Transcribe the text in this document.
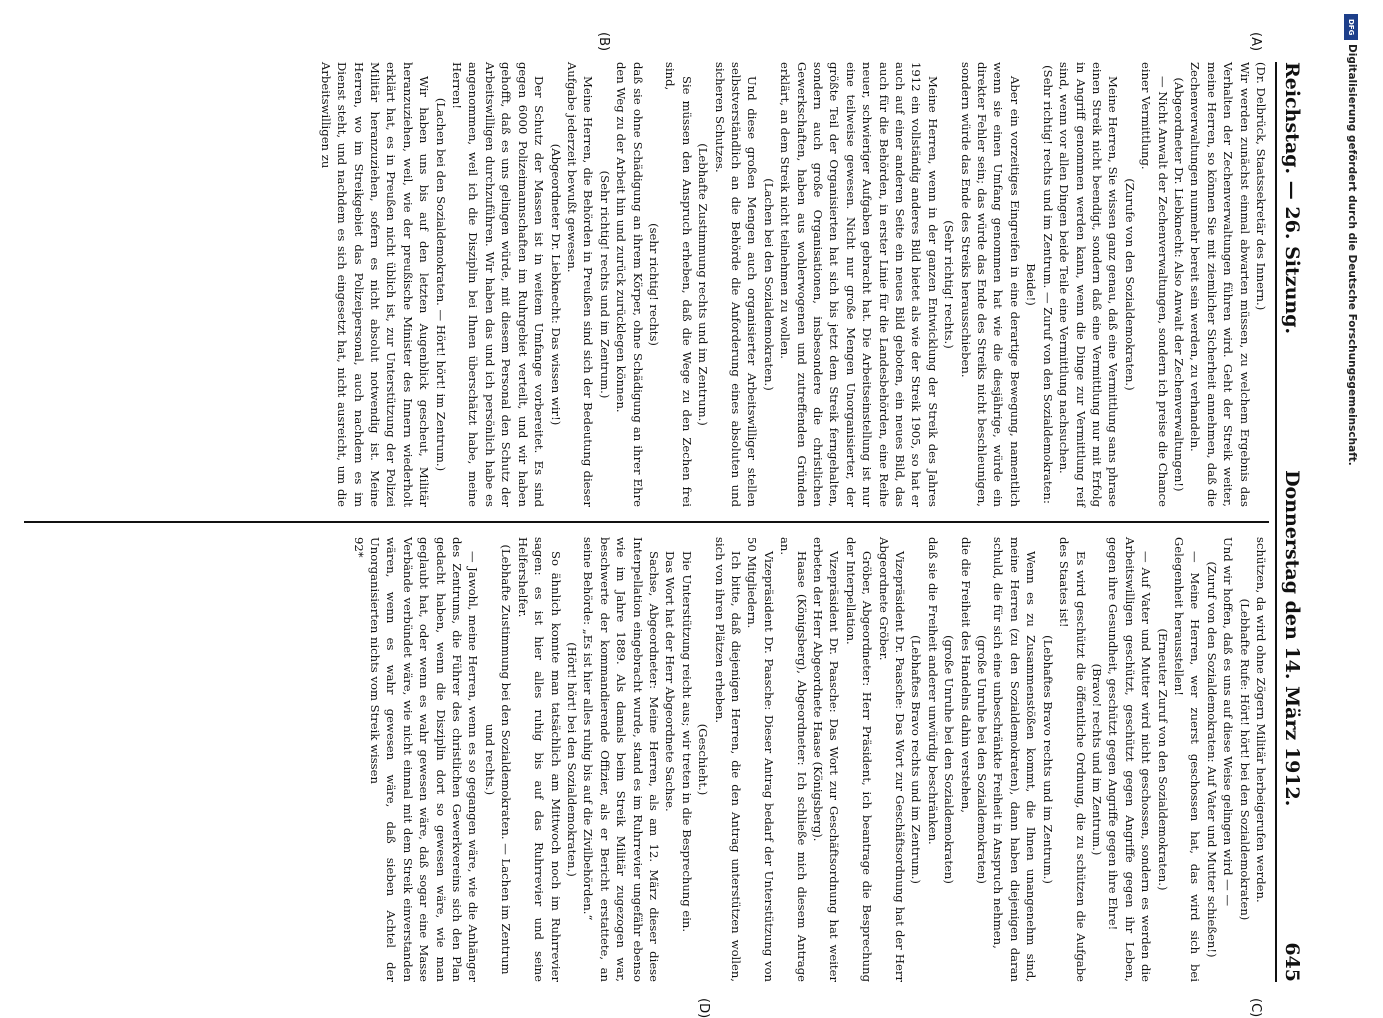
Reichstag. — 26. Sitzung.
Donnerstag den 14. März 1912.
645
(A)
(B)
(C)
(D)

(Dr. Delbrück, Staatssekretär des Innern.)

Wir werden zunächst einmal abwarten müssen, zu welchem Ergebnis das Verhalten der Zechenverwaltungen führen wird. Geht der Streik weiter, meine Herren, so können Sie mit ziemlicher Sicherheit annehmen, daß die Zechenverwaltungen nunmehr bereit sein werden, zu verhandeln.

(Abgeordneter Dr. Liebknecht: Also Anwalt der Zechenverwaltungen!)

— Nicht Anwalt der Zechenverwaltungen, sondern ich preise die Chance einer Vermittlung.

(Zurufe von den Sozialdemokraten.)

Meine Herren, Sie wissen ganz genau, daß eine Vermittlung sans phrase einen Streik nicht beendigt, sondern daß eine Vermittlung nur mit Erfolg in Angriff genommen werden kann, wenn die Dinge zur Vermittlung reif sind, wenn vor allen Dingen beide Teile eine Vermittlung nachsuchen.

(Sehr richtig! rechts und im Zentrum. — Zuruf von den Sozialdemokraten: Beide!)

Aber ein vorzeitiges Eingreifen in eine derartige Bewegung, namentlich wenn sie einen Umfang genommen hat wie die diesjährige, würde ein direkter Fehler sein; das würde das Ende des Streiks nicht beschleunigen, sondern würde das Ende des Streiks herausschieben.

(Sehr richtig! rechts.)

Meine Herren, wenn in der ganzen Entwicklung der Streik des Jahres 1912 ein vollständig anderes Bild bietet als wie der Streik 1905, so hat er auch auf einer anderen Seite ein neues Bild geboten, ein neues Bild, das auch für die Behörden, in erster Linie für die Landesbehörden, eine Reihe neuer, schwieriger Aufgaben gebracht hat. Die Arbeitseinstellung ist nur eine teilweise gewesen. Nicht nur große Mengen Unorganisierter, der größte Teil der Organisierten hat sich bis jetzt dem Streik ferngehalten, sondern auch große Organisationen, insbesondere die christlichen Gewerkschaften, haben aus wohlerwogenen und zutreffenden Gründen erklärt, an dem Streik nicht teilnehmen zu wollen.

(Lachen bei den Sozialdemokraten.)

Und diese großen Mengen auch organisierter Arbeitswilliger stellen selbstverständlich an die Behörde die Anforderung eines absoluten und sicheren Schutzes.

(Lebhafte Zustimmung rechts und im Zentrum.)

Sie müssen den Anspruch erheben, daß die Wege zu den Zechen frei sind,

(sehr richtig! rechts)

daß sie ohne Schädigung an ihrem Körper, ohne Schädigung an ihrer Ehre den Weg zu der Arbeit hin und zurück zurücklegen können.

(Sehr richtig! rechts und im Zentrum.)

Meine Herren, die Behörden in Preußen sind sich der Bedeutung dieser Aufgabe jederzeit bewußt gewesen.

(Abgeordneter Dr. Liebknecht: Das wissen wir!)

Der Schutz der Massen ist in weitem Umfange vorbereitet. Es sind gegen 6000 Polizeimannschaften im Ruhrgebiet verteilt, und wir haben gehofft, daß es uns gelingen würde, mit diesem Personal den Schutz der Arbeitswilligen durchzuführen. Wir haben das und ich persönlich habe es angenommen, weil ich die Disziplin bei Ihnen überschätzt habe, meine Herren!

(Lachen bei den Sozialdemokraten. — Hört! hört! im Zentrum.)

Wir haben uns bis auf den letzten Augenblick gescheut, Militär heranzuziehen, weil, wie der preußische Minister des Innern wiederholt erklärt hat, es in Preußen nicht üblich ist, zur Unterstützung der Polizei Militär heranzuziehen, sofern es nicht absolut notwendig ist. Meine Herren, wo im Streikgebiet das Polizeipersonal, auch nachdem es im Dienst steht, und nachdem es sich eingesetzt hat, nicht ausreicht, um die Arbeitswilligen zu

schützen, da wird ohne Zögern Militär herbeigerufen werden.

(Lebhafte Rufe: Hört! hört! bei den Sozialdemokraten)

Und wir hoffen, daß es uns auf diese Weise gelingen wird — —

(Zuruf von den Sozialdemokraten: Auf Vater und Mutter schießen!)

— Meine Herren, wer zuerst geschossen hat, das wird sich bei Gelegenheit herausstellen!

(Erneuter Zuruf von den Sozialdemokraten.)

— Auf Vater und Mutter wird nicht geschossen, sondern es werden die Arbeitswilligen geschützt, geschützt gegen Angriffe gegen ihr Leben, gegen ihre Gesundheit, geschützt gegen Angriffe gegen ihre Ehre!

(Bravo! rechts und im Zentrum.)

Es wird geschützt die öffentliche Ordnung, die zu schützen die Aufgabe des Staates ist!

(Lebhaftes Bravo rechts und im Zentrum.)

Wenn es zu Zusammenstößen kommt, die Ihnen unangenehm sind, meine Herren (zu den Sozialdemokraten), dann haben diejenigen daran schuld, die für sich eine unbeschränkte Freiheit in Anspruch nehmen,

(große Unruhe bei den Sozialdemokraten)

die die Freiheit des Handelns dahin verstehen,

(große Unruhe bei den Sozialdemokraten)

daß sie die Freiheit anderer unwürdig beschränken.

(Lebhaftes Bravo rechts und im Zentrum.)

Vizepräsident Dr. Paasche: Das Wort zur Geschäftsordnung hat der Herr Abgeordnete Gröber.

Gröber, Abgeordneter: Herr Präsident, ich beantrage die Besprechung der Interpellation.

Vizepräsident Dr. Paasche: Das Wort zur Geschäftsordnung hat weiter erbeten der Herr Abgeordnete Haase (Königsberg).

Haase (Königsberg), Abgeordneter: Ich schließe mich diesem Antrage an.

Vizepräsident Dr. Paasche: Dieser Antrag bedarf der Unterstützung von 50 Mitgliedern.

Ich bitte, daß diejenigen Herren, die den Antrag unterstützen wollen, sich von ihren Plätzen erheben.

(Geschieht.)

Die Unterstützung reicht aus; wir treten in die Besprechung ein.

Das Wort hat der Herr Abgeordnete Sachse.

Sachse, Abgeordneter: Meine Herren, als am 12. März dieser diese Interpellation eingebracht wurde, stand es im Ruhrrevier ungefähr ebenso wie im Jahre 1889. Als damals beim Streik Militär zugezogen war, beschwerte der kommandierende Offizier, als er Bericht erstattete, an seine Behörde: „Es ist hier alles ruhig bis auf die Zivilbehörden.“

(Hört! hört! bei den Sozialdemokraten.)

So ähnlich konnte man tatsächlich am Mittwoch noch im Ruhrrevier sagen: es ist hier alles ruhig bis auf das Ruhrrevier und seine Helfershelfer.

(Lebhafte Zustimmung bei den Sozialdemokraten. — Lachen im Zentrum und rechts.)

— Jawohl, meine Herren, wenn es so gegangen wäre, wie die Anhänger des Zentrums, die Führer des christlichen Gewerkvereins sich den Plan gedacht haben, wenn die Disziplin dort so gewesen wäre, wie man geglaubt hat, oder wenn es wahr gewesen wäre, daß sogar eine Masse Verbände verbündet wäre, wie nicht einmal mit dem Streik einverstanden wären, wenn es wahr gewesen wäre, daß sieben Achtel der Unorganisierten nichts vom Streik wissen

92*

DFG
Digitalisierung gefördert durch die Deutsche Forschungsgemeinschaft.
